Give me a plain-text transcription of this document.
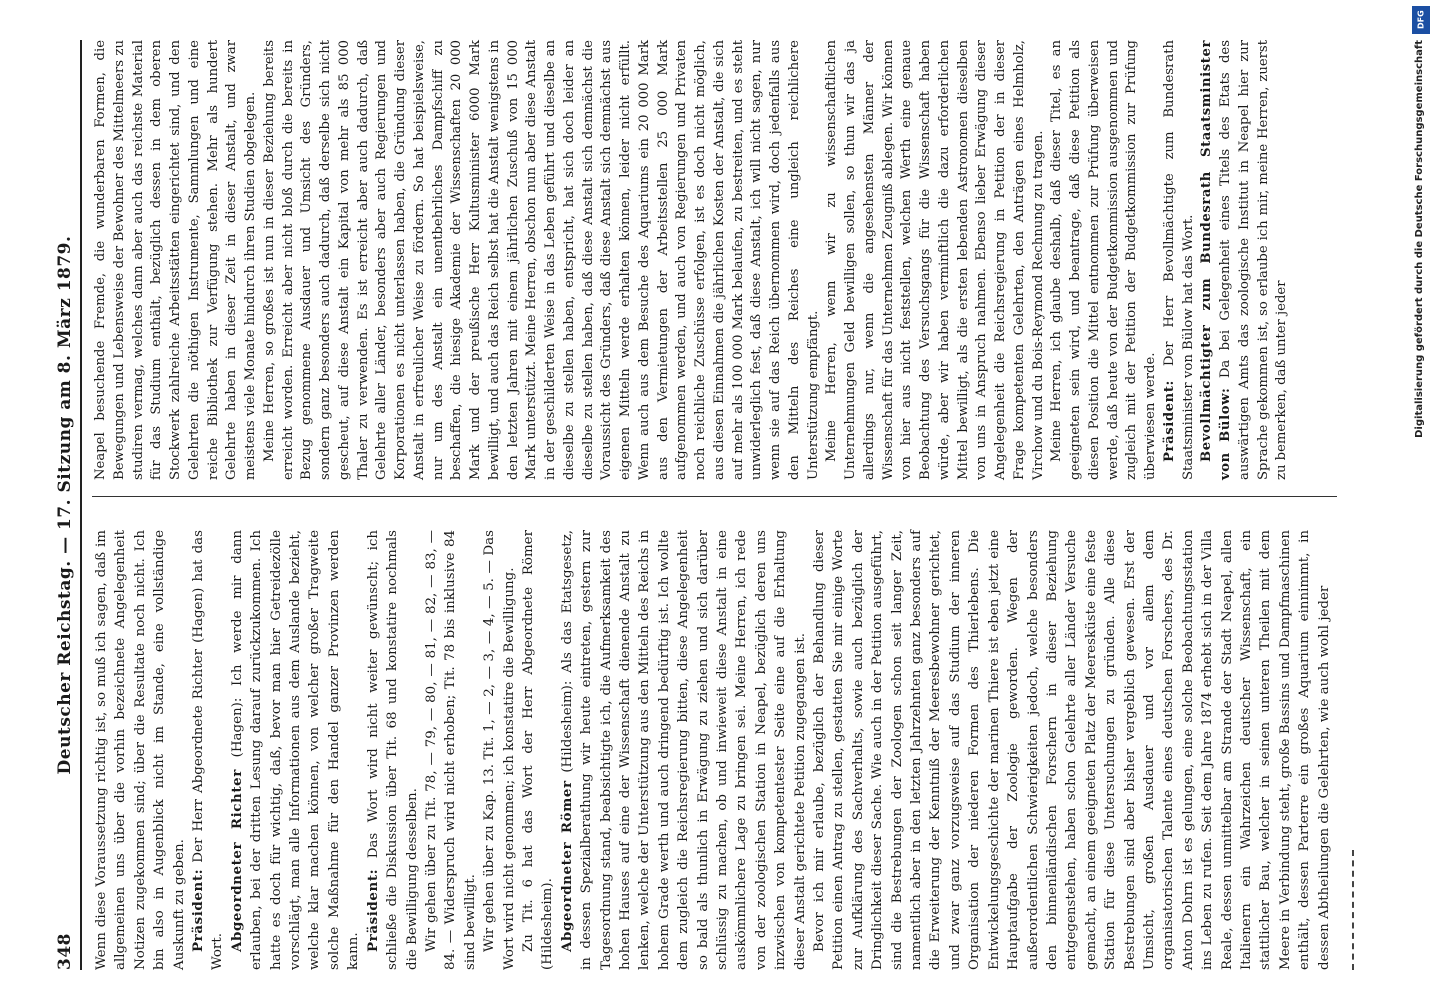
348
Deutscher Reichstag. — 17. Sitzung am 8. März 1879. Wenn diese Voraussetzung richtig ist, so muß ich sagen, daß im allgemeinen uns über die vorhin bezeichnete Angelegenheit Notizen zugekommen sind; über die Resultate noch nicht. Ich bin also in Augenblick nicht im Stande, eine vollständige Auskunft zu geben. Präsident: Der Herr Abgeordnete Richter (Hagen) hat das Wort. Abgeordneter Richter (Hagen): Ich werde mir dann erlauben, bei der dritten Lesung darauf zurückzukommen. Ich hatte es doch für wichtig, daß, bevor man hier Getreidezölle vorschlägt, man alle Informationen aus dem Auslande bezieht, welche klar machen können, von welcher großer Tragweite solche Maßnahme für den Handel ganzer Provinzen werden kann. Präsident: Das Wort wird nicht weiter gewünscht; ich schließe die Diskussion über Tit. 68 und konstatire nochmals die Bewilligung desselben. Wir gehen über zu Tit. 78, — 79, — 80, — 81, — 82, — 83, — 84. — Widerspruch wird nicht erhoben; Tit. 78 bis inklusive 84 sind bewilligt. Wir gehen über zu Kap. 13. Tit. 1, — 2, — 3, — 4, — 5. — Das Wort wird nicht genommen; ich konstatire die Bewilligung. Zu Tit. 6 hat das Wort der Herr Abgeordnete Römer (Hildesheim). Abgeordneter Römer (Hildesheim): Als das Etatsgesetz, in dessen Spezialberathung wir heute eintreten, gestern zur Tagesordnung stand, beabsichtigte ich, die Aufmerksamkeit des hohen Hauses auf eine der Wissenschaft dienende Anstalt zu lenken, welche der Unterstützung aus den Mitteln des Reichs in hohem Grade werth und auch dringend bedürftig ist. Ich wollte dem zugleich die Reichsregierung bitten, diese Angelegenheit so bald als thunlich in Erwägung zu ziehen und sich darüber schlüssig zu machen, ob und inwieweit diese Anstalt in eine auskömmlichere Lage zu bringen sei. Meine Herren, ich rede von der zoologischen Station in Neapel, bezüglich deren uns inzwischen von kompetentester Seite eine auf die Erhaltung dieser Anstalt gerichtete Petition zugegangen ist. Bevor ich mir erlaube, bezüglich der Behandlung dieser Petition einen Antrag zu stellen, gestatten Sie mir einige Worte zur Aufklärung des Sachverhalts, sowie auch bezüglich der Dringlichkeit dieser Sache. Wie auch in der Petition ausgeführt, sind die Bestrebungen der Zoologen schon seit langer Zeit, namentlich aber in den letzten Jahrzehnten ganz besonders auf die Erweiterung der Kenntniß der Meeresbewohner gerichtet, und zwar ganz vorzugsweise auf das Studium der inneren Organisation der niederen Formen des Thierlebens. Die Entwickelungsgeschichte der marinen Thiere ist eben jetzt eine Hauptaufgabe der Zoologie geworden. Wegen der außerordentlichen Schwierigkeiten jedoch, welche besonders den binnenländischen Forschern in dieser Beziehung entgegenstehen, haben schon Gelehrte aller Länder Versuche gemacht, an einem geeigneten Platz der Meeresküste eine feste Station für diese Untersuchungen zu gründen. Alle diese Bestrebungen sind aber bisher vergeblich gewesen. Erst der Umsicht, großen Ausdauer und vor allem dem organisatorischen Talente eines deutschen Forschers, des Dr. Anton Dohrn ist es gelungen, eine solche Beobachtungsstation ins Leben zu rufen. Seit dem Jahre 1874 erhebt sich in der Villa Reale, dessen unmittelbar am Strande der Stadt Neapel, allen Italienern ein Wahrzeichen deutscher Wissenschaft, ein stattlicher Bau, welcher in seinen unteren Theilen mit dem Meere in Verbindung steht, große Bassins und Dampfmaschinen enthält, dessen Parterre ein großes Aquarium einnimmt, in dessen Abtheilungen die Gelehrten, wie auch wohl jeder

Neapel besuchende Fremde, die wunderbaren Formen, die Bewegungen und Lebensweise der Bewohner des Mittelmeers zu studiren vermag, welches dann aber auch das reichste Material für das Studium enthält, bezüglich dessen in dem oberen Stockwerk zahlreiche Arbeitsstätten eingerichtet sind, und den Gelehrten die nöthigen Instrumente, Sammlungen und eine reiche Bibliothek zur Verfügung stehen. Mehr als hundert Gelehrte haben in dieser Zeit in dieser Anstalt, und zwar meistens viele Monate hindurch ihren Studien obgelegen. Meine Herren, so großes ist nun in dieser Beziehung bereits erreicht worden. Erreicht aber nicht bloß durch die bereits in Bezug genommene Ausdauer und Umsicht des Gründers, sondern ganz besonders auch dadurch, daß derselbe sich nicht gescheut, auf diese Anstalt ein Kapital von mehr als 85 000 Thaler zu verwenden. Es ist erreicht aber auch dadurch, daß Gelehrte aller Länder, besonders aber auch Regierungen und Korporationen es nicht unterlassen haben, die Gründung dieser Anstalt in erfreulicher Weise zu fördern. So hat beispielsweise, nur um des Anstalt ein unentbehrliches Dampfschiff zu beschaffen, die hiesige Akademie der Wissenschaften 20 000 Mark und der preußische Herr Kultusminister 6000 Mark bewilligt, und auch das Reich selbst hat die Anstalt wenigstens in den letzten Jahren mit einem jährlichen Zuschuß von 15 000 Mark unterstützt. Meine Herren, obschon nun aber diese Anstalt in der geschilderten Weise in das Leben geführt und dieselbe an dieselbe zu stellen haben, entspricht, hat sich doch leider an dieselbe zu stellen haben, daß diese Anstalt sich demnächst die Voraussicht des Gründers, daß diese Anstalt sich demnächst aus eigenen Mitteln werde erhalten können, leider nicht erfüllt. Wenn auch aus dem Besuche des Aquariums ein 20 000 Mark aus den Vermietungen der Arbeitsstellen 25 000 Mark aufgenommen werden, und auch von Regierungen und Privaten noch reichliche Zuschüsse erfolgen, ist es doch nicht möglich, aus diesen Einnahmen die jährlichen Kosten der Anstalt, die sich auf mehr als 100 000 Mark belaufen, zu bestreiten, und es steht unwiderleglich fest, daß diese Anstalt, ich will nicht sagen, nur wenn sie auf das Reich übernommen wird, doch jedenfalls aus den Mitteln des Reiches eine ungleich reichlichere Unterstützung empfängt. Meine Herren, wenn wir zu wissenschaftlichen Unternehmungen Geld bewilligen sollen, so thun wir das ja allerdings nur, wenn die angesehensten Männer der Wissenschaft für das Unternehmen Zeugniß ablegen. Wir können von hier aus nicht feststellen, welchen Werth eine genaue Beobachtung des Versuchsgangs für die Wissenschaft haben würde, aber wir haben verminftlich die dazu erforderlichen Mittel bewilligt, als die ersten lebenden Astronomen dieselben von uns in Anspruch nahmen. Ebenso lieber Erwägung dieser Angelegenheit die Reichsregierung in Petition der in dieser Frage kompetenten Gelehrten, den Anträgen eines Helmholz, Virchow und du Bois-Reymond Rechnung zu tragen. Meine Herren, ich glaube deshalb, daß dieser Titel, es an geeigneten sein wird, und beantrage, daß diese Petition als diesen Position die Mittel entnommen zur Prüfung überweisen werde, daß heute von der Budgetkommission ausgenommen und zugleich mit der Petition der Budgetkommission zur Prüfung überwiesen werde. Präsident: Der Herr Bevollmächtigte zum Bundesrath Staatsminister von Bülow hat das Wort. Bevollmächtigter zum Bundesrath Staatsminister von Bülow: Da bei Gelegenheit eines Titels des Etats des auswärtigen Amts das zoologische Institut in Neapel hier zur Sprache gekommen ist, so erlaube ich mir, meine Herren, zuerst zu bemerken, daß unter jeder

DFG
Digitalisierung gefördert durch die Deutsche Forschungsgemeinschaft
